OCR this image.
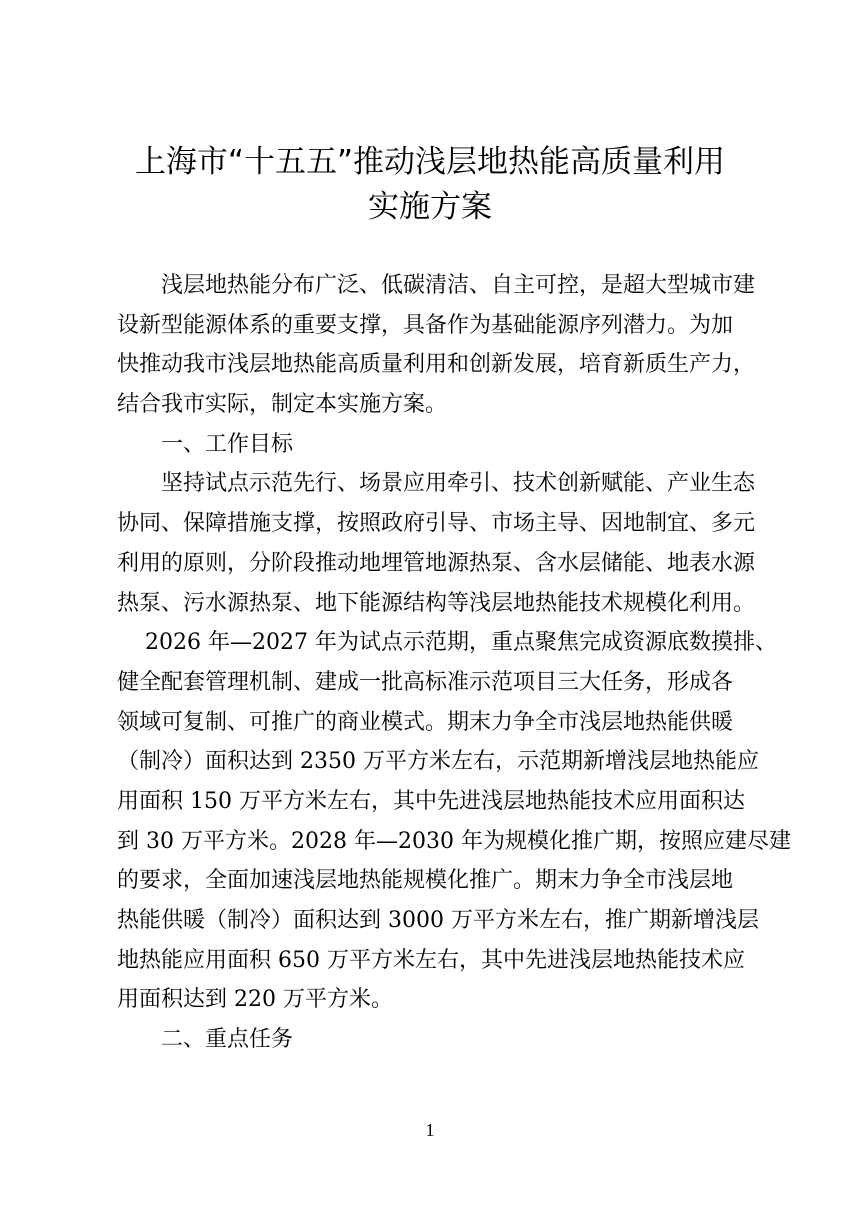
上海市“十五五”推动浅层地热能高质量利用
实施方案
浅层地热能分布广泛、低碳清洁、自主可控，是超大型城市建
设新型能源体系的重要支撑，具备作为基础能源序列潜力。为加
快推动我市浅层地热能高质量利用和创新发展，培育新质生产力，
结合我市实际，制定本实施方案。
一、工作目标
坚持试点示范先行、场景应用牵引、技术创新赋能、产业生态
协同、保障措施支撑，按照政府引导、市场主导、因地制宜、多元
利用的原则，分阶段推动地埋管地源热泵、含水层储能、地表水源
热泵、污水源热泵、地下能源结构等浅层地热能技术规模化利用。
2026 年—2027 年为试点示范期，重点聚焦完成资源底数摸排、
健全配套管理机制、建成一批高标准示范项目三大任务，形成各
领域可复制、可推广的商业模式。期末力争全市浅层地热能供暖
（制冷）面积达到 2350 万平方米左右，示范期新增浅层地热能应
用面积 150 万平方米左右，其中先进浅层地热能技术应用面积达
到 30 万平方米。2028 年—2030 年为规模化推广期，按照应建尽建
的要求，全面加速浅层地热能规模化推广。期末力争全市浅层地
热能供暖（制冷）面积达到 3000 万平方米左右，推广期新增浅层
地热能应用面积 650 万平方米左右，其中先进浅层地热能技术应
用面积达到 220 万平方米。
二、重点任务
1
